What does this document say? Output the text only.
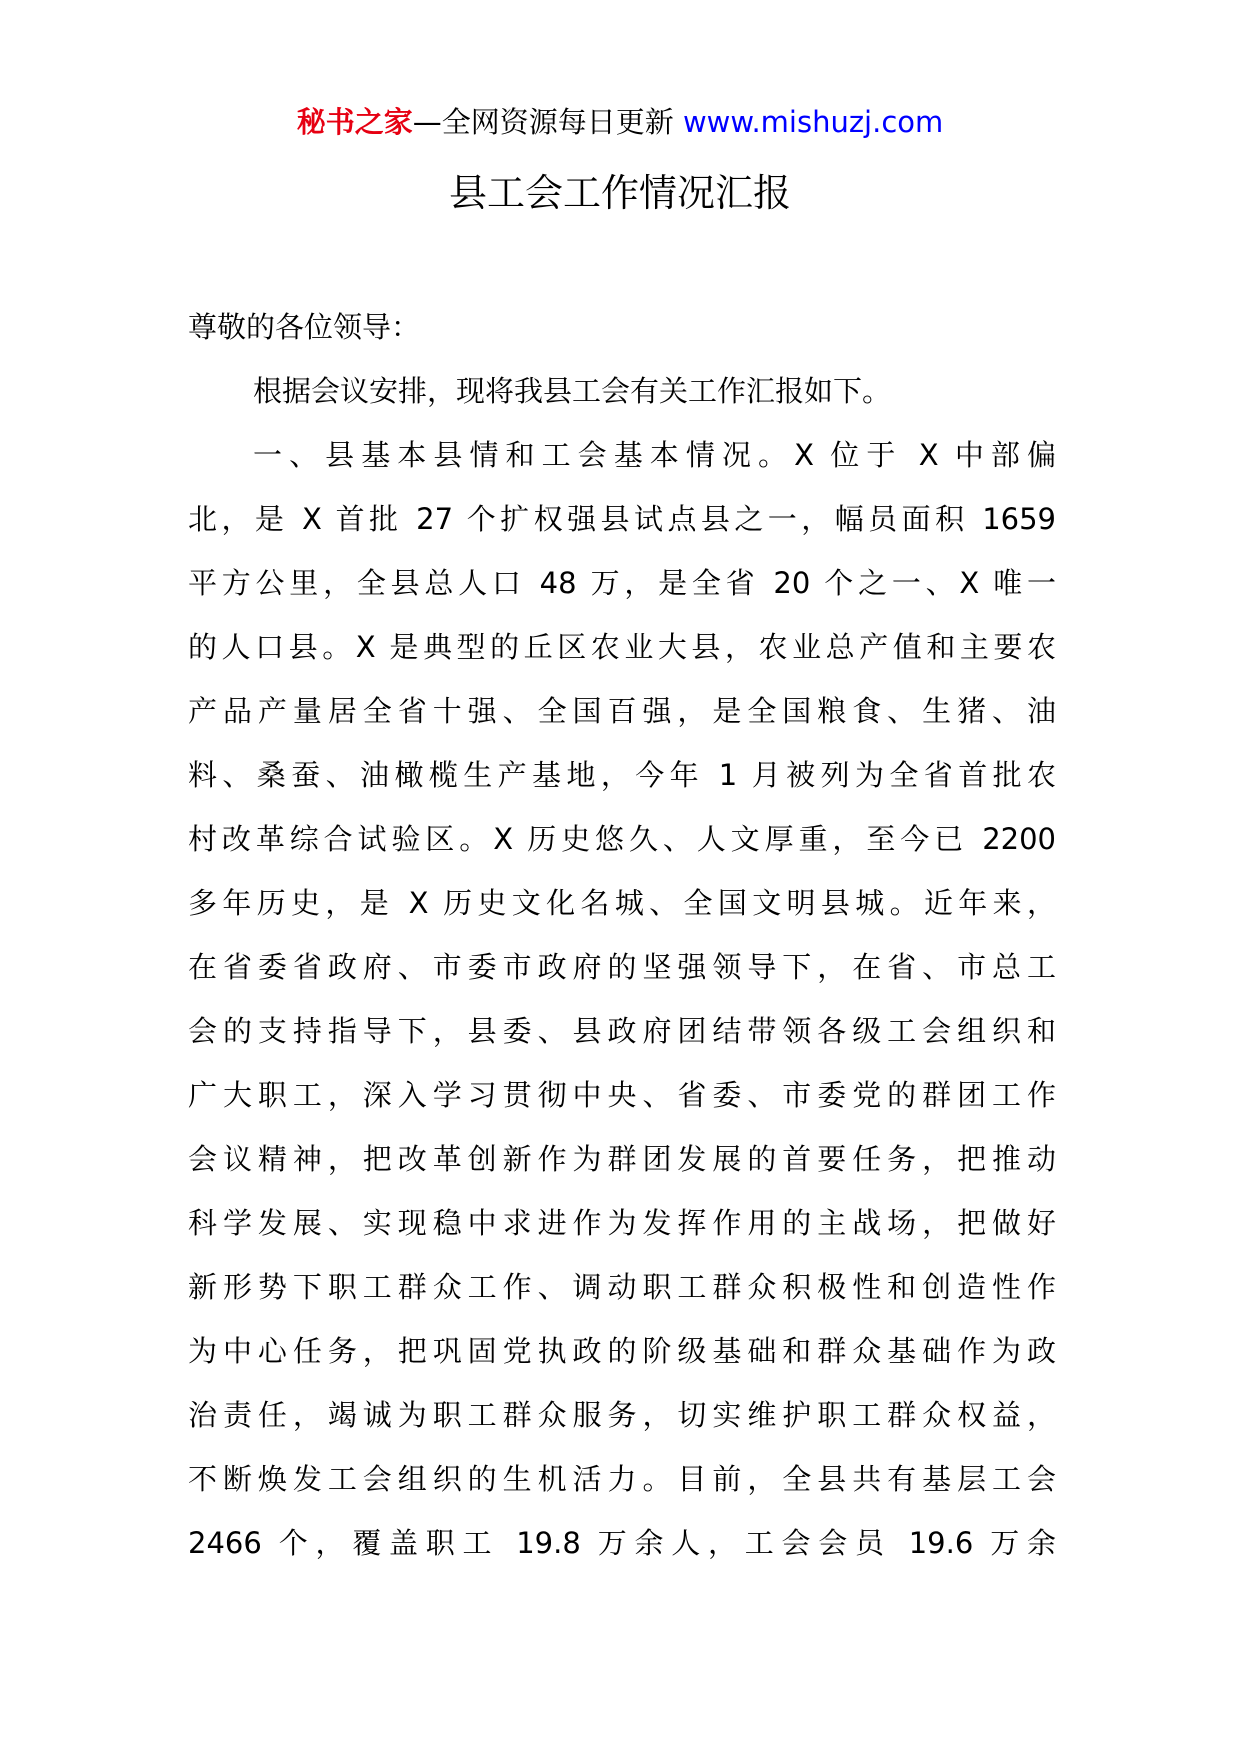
秘书之家—全网资源每日更新 www.mishuzj.com
县工会工作情况汇报

尊敬的各位领导：

根据会议安排，现将我县工会有关工作汇报如下。

一、县基本县情和工会基本情况。X 位于 X 中部偏

北，是 X 首批 27 个扩权强县试点县之一，幅员面积 1659

平方公里，全县总人口 48 万，是全省 20 个之一、X 唯一

的人口县。X 是典型的丘区农业大县，农业总产值和主要农

产品产量居全省十强、全国百强，是全国粮食、生猪、油

料、桑蚕、油橄榄生产基地，今年 1 月被列为全省首批农

村改革综合试验区。X 历史悠久、人文厚重，至今已 2200

多年历史，是 X 历史文化名城、全国文明县城。近年来，

在省委省政府、市委市政府的坚强领导下，在省、市总工

会的支持指导下，县委、县政府团结带领各级工会组织和

广大职工，深入学习贯彻中央、省委、市委党的群团工作

会议精神，把改革创新作为群团发展的首要任务，把推动

科学发展、实现稳中求进作为发挥作用的主战场，把做好

新形势下职工群众工作、调动职工群众积极性和创造性作

为中心任务，把巩固党执政的阶级基础和群众基础作为政

治责任，竭诚为职工群众服务，切实维护职工群众权益，

不断焕发工会组织的生机活力。目前，全县共有基层工会

2466 个，覆盖职工 19.8 万余人，工会会员 19.6 万余
